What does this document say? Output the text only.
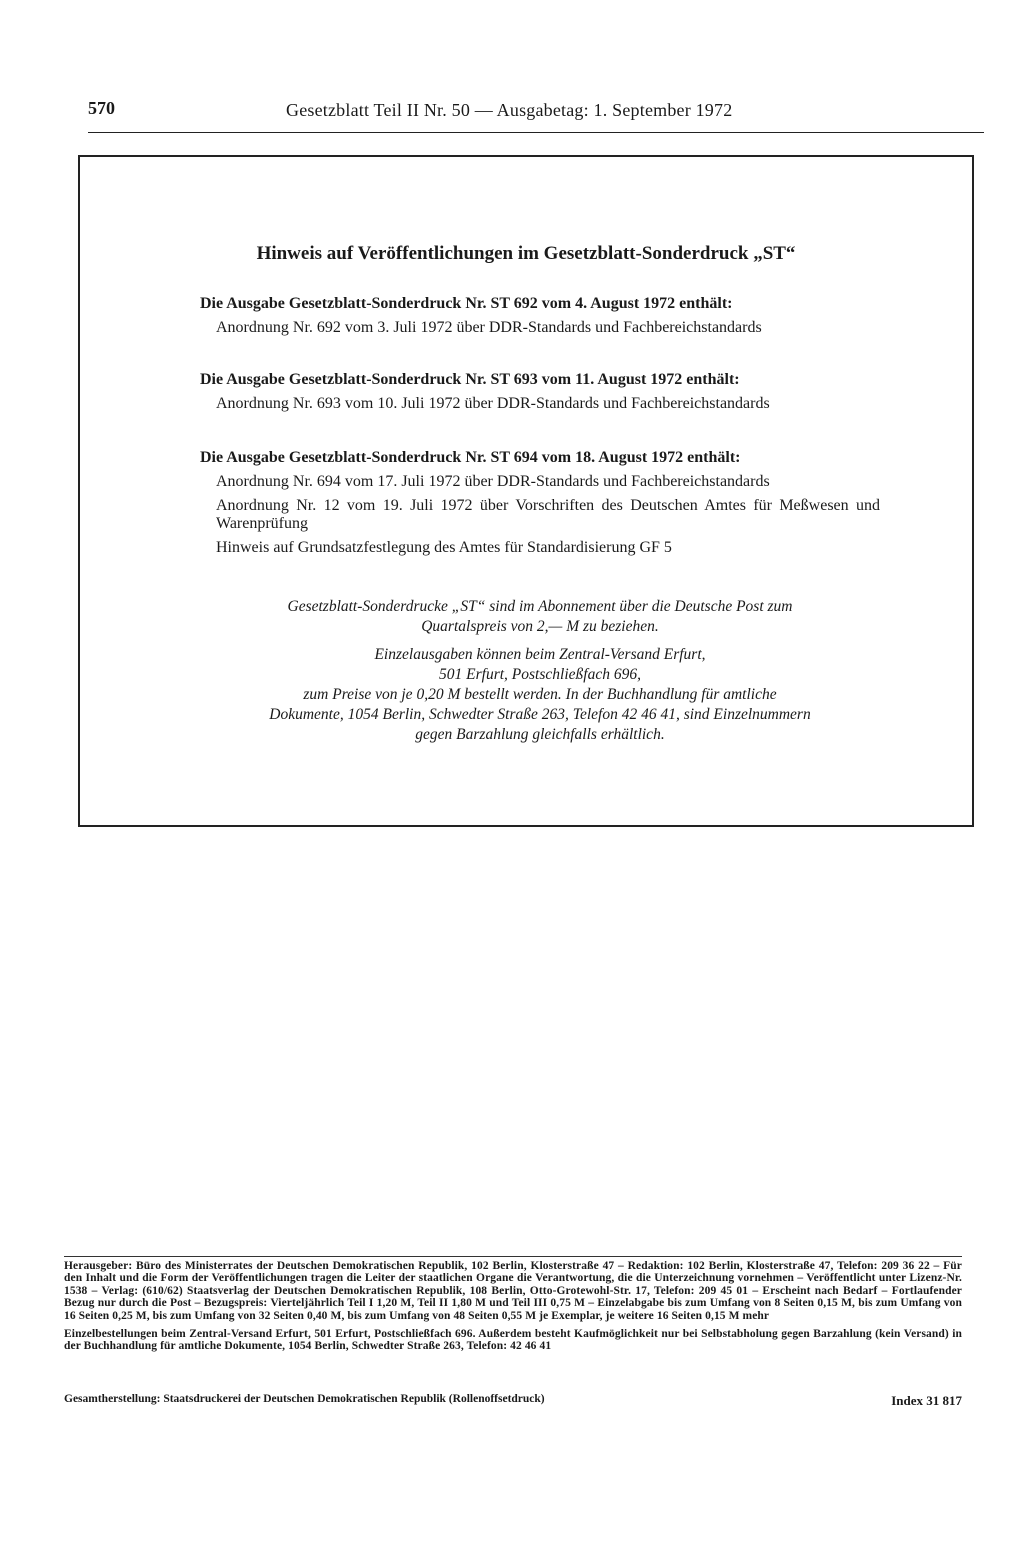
570	Gesetzblatt Teil II Nr. 50 — Ausgabetag: 1. September 1972
Hinweis auf Veröffentlichungen im Gesetzblatt-Sonderdruck „ST“

Die Ausgabe Gesetzblatt-Sonderdruck Nr. ST 692 vom 4. August 1972 enthält:

Anordnung Nr. 692 vom 3. Juli 1972 über DDR-Standards und Fachbereichstandards

Die Ausgabe Gesetzblatt-Sonderdruck Nr. ST 693 vom 11. August 1972 enthält:

Anordnung Nr. 693 vom 10. Juli 1972 über DDR-Standards und Fachbereichstandards

Die Ausgabe Gesetzblatt-Sonderdruck Nr. ST 694 vom 18. August 1972 enthält:

Anordnung Nr. 694 vom 17. Juli 1972 über DDR-Standards und Fachbereichstandards

Anordnung Nr. 12 vom 19. Juli 1972 über Vorschriften des Deutschen Amtes für Meßwesen und Warenprüfung

Hinweis auf Grundsatzfestlegung des Amtes für Standardisierung GF 5

Gesetzblatt-Sonderdrucke „ST“ sind im Abonnement über die Deutsche Post zum
Quartalspreis von 2,— M zu beziehen.

Einzelausgaben können beim Zentral-Versand Erfurt,
501 Erfurt, Postschließfach 696,
zum Preise von je 0,20 M bestellt werden. In der Buchhandlung für amtliche
Dokumente, 1054 Berlin, Schwedter Straße 263, Telefon 42 46 41, sind Einzelnummern
gegen Barzahlung gleichfalls erhältlich.

Herausgeber: Büro des Ministerrates der Deutschen Demokratischen Republik, 102 Berlin, Klosterstraße 47 – Redaktion: 102 Berlin, Klosterstraße 47, Telefon: 209 36 22 – Für den Inhalt und die Form der Veröffentlichungen tragen die Leiter der staatlichen Organe die Verantwortung, die die Unterzeichnung vornehmen – Veröffentlicht unter Lizenz-Nr. 1538 – Verlag: (610/62) Staatsverlag der Deutschen Demokratischen Republik, 108 Berlin, Otto-Grotewohl-Str. 17, Telefon: 209 45 01 – Erscheint nach Bedarf – Fortlaufender Bezug nur durch die Post – Bezugspreis: Vierteljährlich Teil I 1,20 M, Teil II 1,80 M und Teil III 0,75 M – Einzelabgabe bis zum Umfang von 8 Seiten 0,15 M, bis zum Umfang von 16 Seiten 0,25 M, bis zum Umfang von 32 Seiten 0,40 M, bis zum Umfang von 48 Seiten 0,55 M je Exemplar, je weitere 16 Seiten 0,15 M mehr

Einzelbestellungen beim Zentral-Versand Erfurt, 501 Erfurt, Postschließfach 696. Außerdem besteht Kaufmöglichkeit nur bei Selbstabholung gegen Barzahlung (kein Versand) in der Buchhandlung für amtliche Dokumente, 1054 Berlin, Schwedter Straße 263, Telefon: 42 46 41

Gesamtherstellung: Staatsdruckerei der Deutschen Demokratischen Republik (Rollenoffsetdruck)	Index 31 817
